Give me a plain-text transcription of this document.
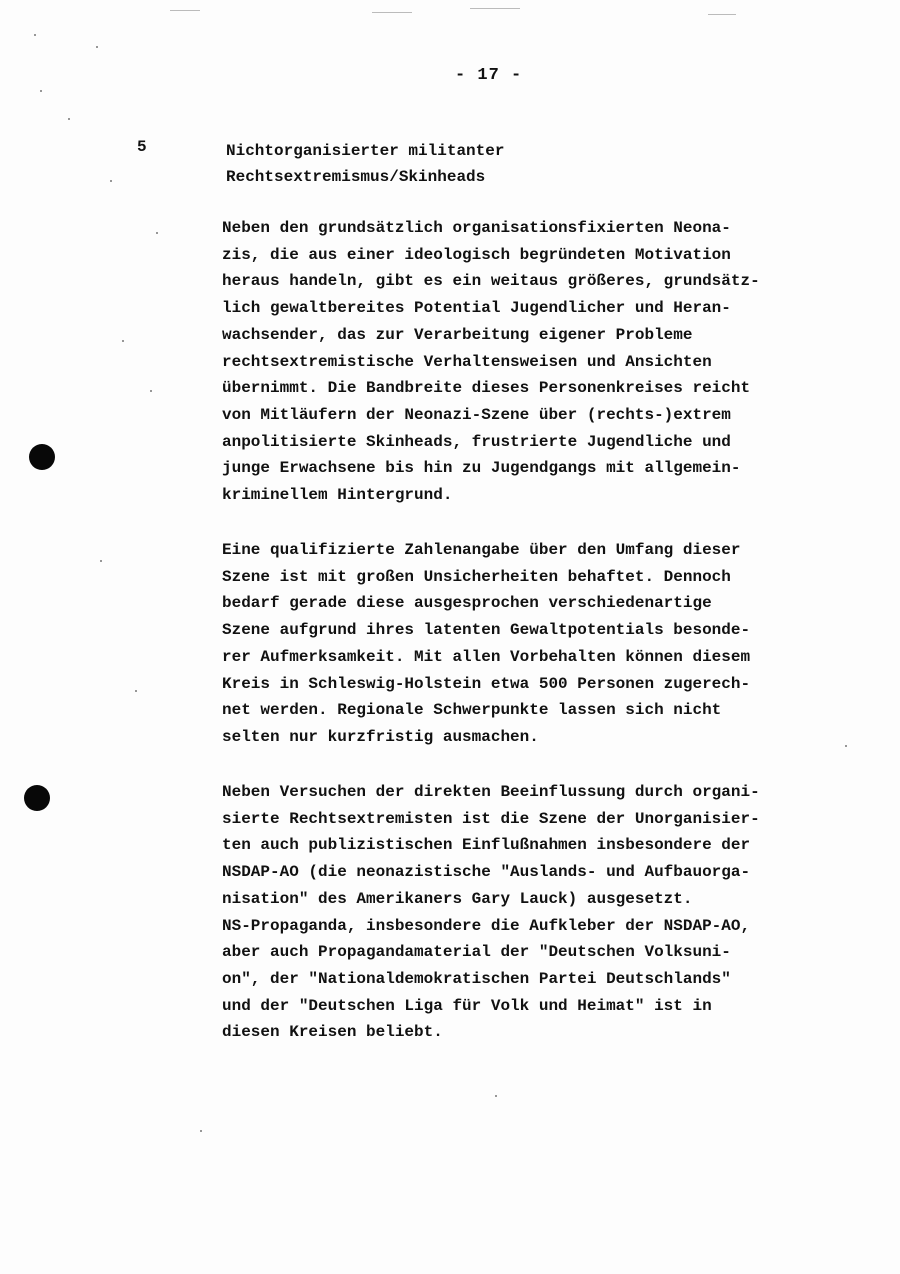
- 17 -
5	Nichtorganisierter militanter
Rechtsextremismus/Skinheads

Neben den grundsätzlich organisationsfixierten Neona-
zis, die aus einer ideologisch begründeten Motivation
heraus handeln, gibt es ein weitaus größeres, grundsätz-
lich gewaltbereites Potential Jugendlicher und Heran-
wachsender, das zur Verarbeitung eigener Probleme
rechtsextremistische Verhaltensweisen und Ansichten
übernimmt. Die Bandbreite dieses Personenkreises reicht
von Mitläufern der Neonazi-Szene über (rechts-)extrem
anpolitisierte Skinheads, frustrierte Jugendliche und
junge Erwachsene bis hin zu Jugendgangs mit allgemein-
kriminellem Hintergrund.

Eine qualifizierte Zahlenangabe über den Umfang dieser
Szene ist mit großen Unsicherheiten behaftet. Dennoch
bedarf gerade diese ausgesprochen verschiedenartige
Szene aufgrund ihres latenten Gewaltpotentials besonde-
rer Aufmerksamkeit. Mit allen Vorbehalten können diesem
Kreis in Schleswig-Holstein etwa 500 Personen zugerech-
net werden. Regionale Schwerpunkte lassen sich nicht
selten nur kurzfristig ausmachen.

Neben Versuchen der direkten Beeinflussung durch organi-
sierte Rechtsextremisten ist die Szene der Unorganisier-
ten auch publizistischen Einflußnahmen insbesondere der
NSDAP-AO (die neonazistische "Auslands- und Aufbauorga-
nisation" des Amerikaners Gary Lauck) ausgesetzt.
NS-Propaganda, insbesondere die Aufkleber der NSDAP-AO,
aber auch Propagandamaterial der "Deutschen Volksuni-
on", der "Nationaldemokratischen Partei Deutschlands"
und der "Deutschen Liga für Volk und Heimat" ist in
diesen Kreisen beliebt.
